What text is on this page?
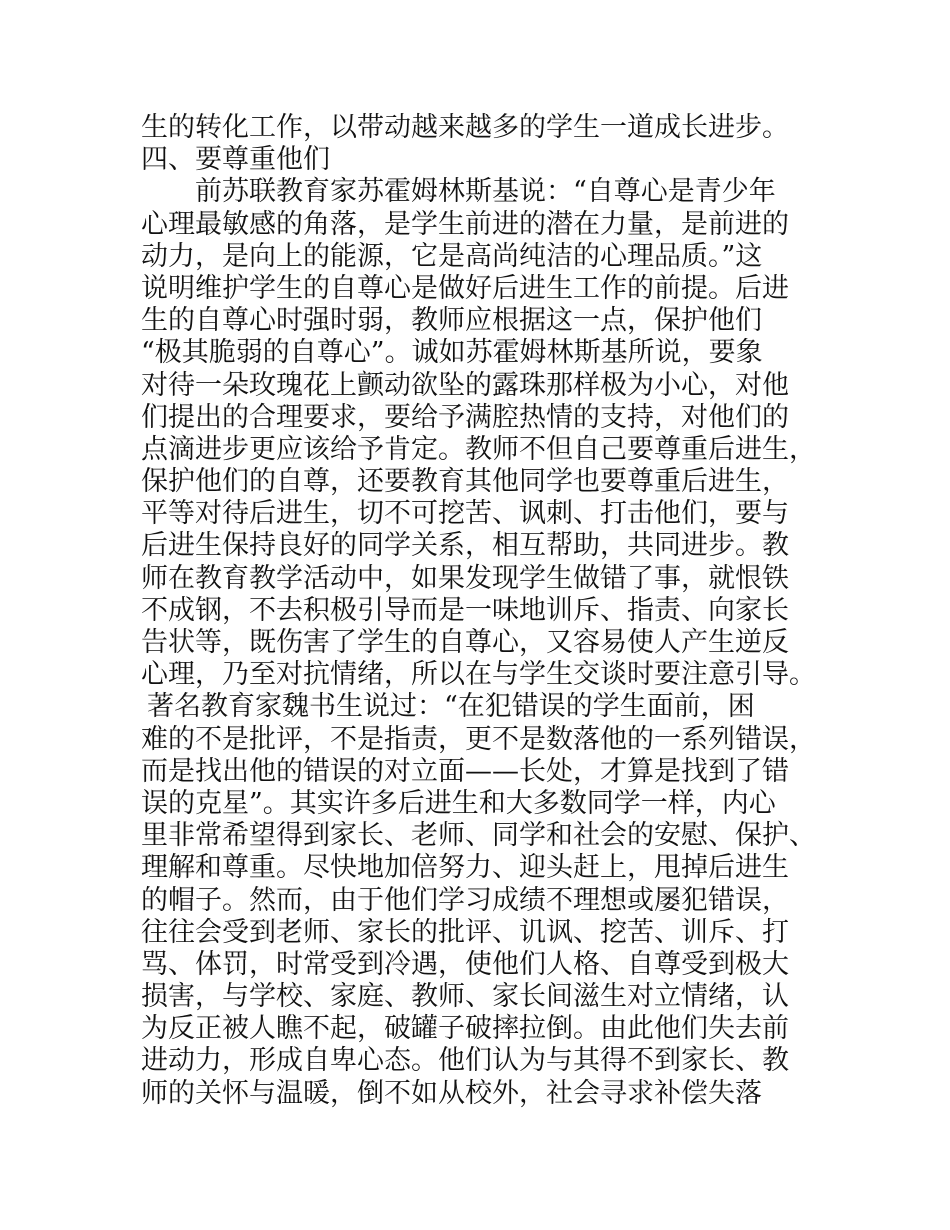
生的转化工作，以带动越来越多的学生一道成长进步。
四、要尊重他们
前苏联教育家苏霍姆林斯基说：“自尊心是青少年
心理最敏感的角落，是学生前进的潜在力量，是前进的
动力，是向上的能源，它是高尚纯洁的心理品质。”这
说明维护学生的自尊心是做好后进生工作的前提。后进
生的自尊心时强时弱，教师应根据这一点，保护他们
“极其脆弱的自尊心”。诚如苏霍姆林斯基所说，要象
对待一朵玫瑰花上颤动欲坠的露珠那样极为小心，对他
们提出的合理要求，要给予满腔热情的支持，对他们的
点滴进步更应该给予肯定。教师不但自己要尊重后进生，
保护他们的自尊，还要教育其他同学也要尊重后进生，
平等对待后进生，切不可挖苦、讽刺、打击他们，要与
后进生保持良好的同学关系，相互帮助，共同进步。教
师在教育教学活动中，如果发现学生做错了事，就恨铁
不成钢，不去积极引导而是一味地训斥、指责、向家长
告状等，既伤害了学生的自尊心，又容易使人产生逆反
心理，乃至对抗情绪，所以在与学生交谈时要注意引导。
著名教育家魏书生说过：“在犯错误的学生面前，困
难的不是批评，不是指责，更不是数落他的一系列错误，
而是找出他的错误的对立面——长处，才算是找到了错
误的克星”。其实许多后进生和大多数同学一样，内心
里非常希望得到家长、老师、同学和社会的安慰、保护、
理解和尊重。尽快地加倍努力、迎头赶上，甩掉后进生
的帽子。然而，由于他们学习成绩不理想或屡犯错误，
往往会受到老师、家长的批评、讥讽、挖苦、训斥、打
骂、体罚，时常受到冷遇，使他们人格、自尊受到极大
损害，与学校、家庭、教师、家长间滋生对立情绪，认
为反正被人瞧不起，破罐子破摔拉倒。由此他们失去前
进动力，形成自卑心态。他们认为与其得不到家长、教
师的关怀与温暖，倒不如从校外，社会寻求补偿失落
